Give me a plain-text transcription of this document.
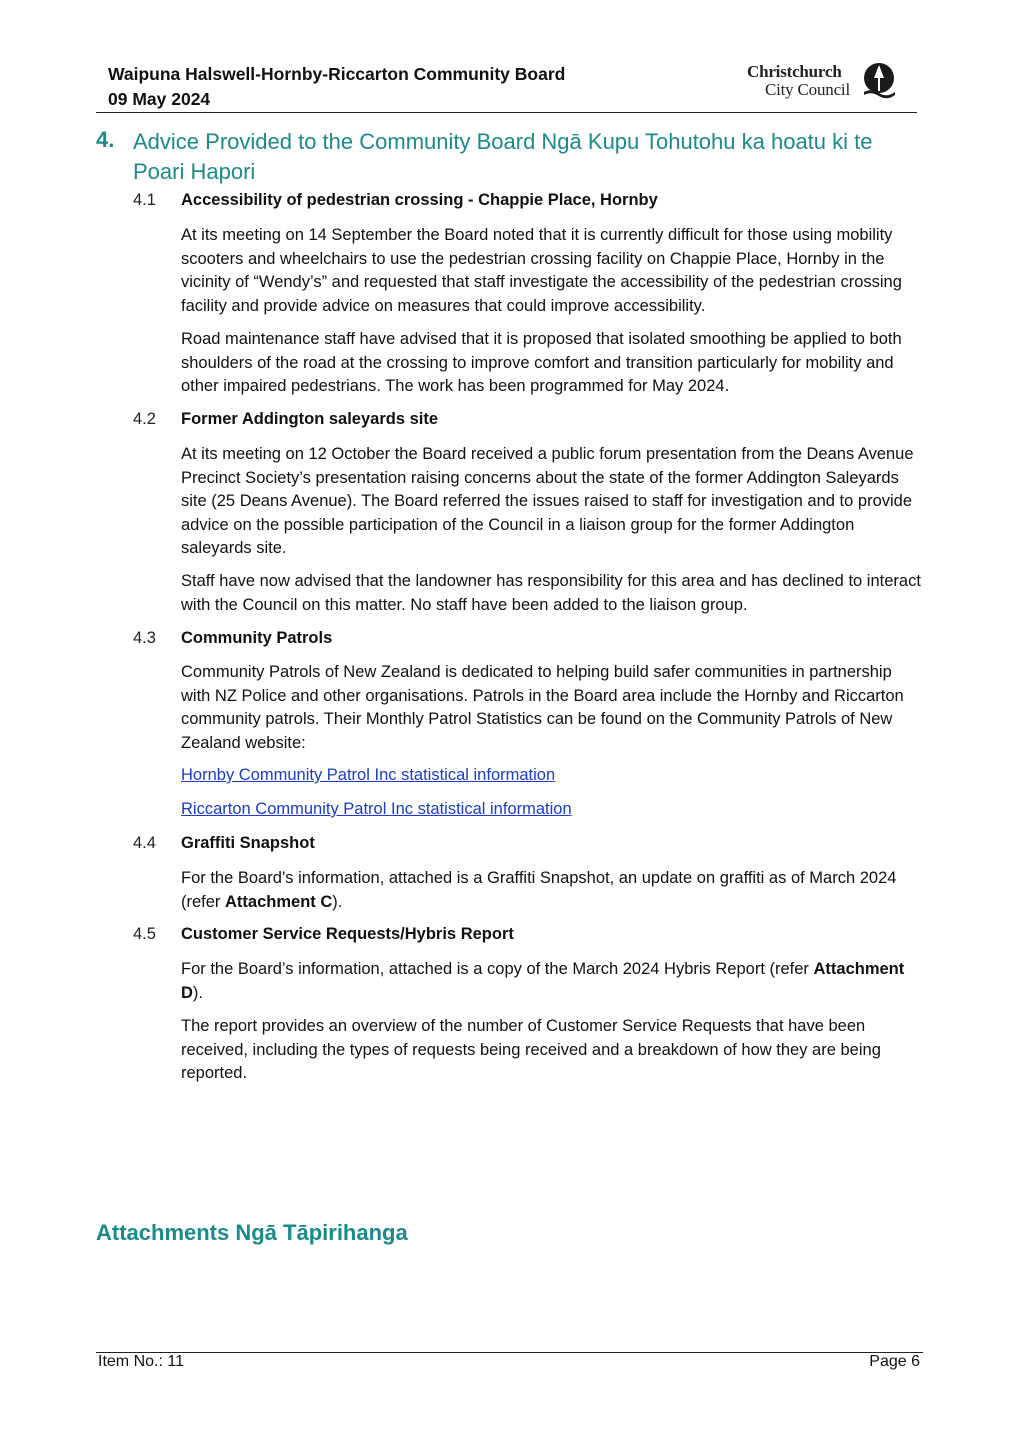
Waipuna Halswell-Hornby-Riccarton Community Board
09 May 2024
Christchurch
City Council
4. Advice Provided to the Community Board Ngā Kupu Tohutohu ka hoatu ki te Poari Hapori
4.1 Accessibility of pedestrian crossing - Chappie Place, Hornby

At its meeting on 14 September the Board noted that it is currently difficult for those using mobility scooters and wheelchairs to use the pedestrian crossing facility on Chappie Place, Hornby in the vicinity of “Wendy’s” and requested that staff investigate the accessibility of the pedestrian crossing facility and provide advice on measures that could improve accessibility.

Road maintenance staff have advised that it is proposed that isolated smoothing be applied to both shoulders of the road at the crossing to improve comfort and transition particularly for mobility and other impaired pedestrians. The work has been programmed for May 2024.

4.2 Former Addington saleyards site

At its meeting on 12 October the Board received a public forum presentation from the Deans Avenue Precinct Society’s presentation raising concerns about the state of the former Addington Saleyards site (25 Deans Avenue). The Board referred the issues raised to staff for investigation and to provide advice on the possible participation of the Council in a liaison group for the former Addington saleyards site.

Staff have now advised that the landowner has responsibility for this area and has declined to interact with the Council on this matter. No staff have been added to the liaison group.

4.3 Community Patrols

Community Patrols of New Zealand is dedicated to helping build safer communities in partnership with NZ Police and other organisations. Patrols in the Board area include the Hornby and Riccarton community patrols. Their Monthly Patrol Statistics can be found on the Community Patrols of New Zealand website:

Hornby Community Patrol Inc statistical information
Riccarton Community Patrol Inc statistical information
4.4 Graffiti Snapshot

For the Board’s information, attached is a Graffiti Snapshot, an update on graffiti as of March 2024 (refer Attachment C).

4.5 Customer Service Requests/Hybris Report

For the Board’s information, attached is a copy of the March 2024 Hybris Report (refer Attachment D).

The report provides an overview of the number of Customer Service Requests that have been received, including the types of requests being received and a breakdown of how they are being reported.

Attachments Ngā Tāpirihanga
Item No.: 11	Page 6
